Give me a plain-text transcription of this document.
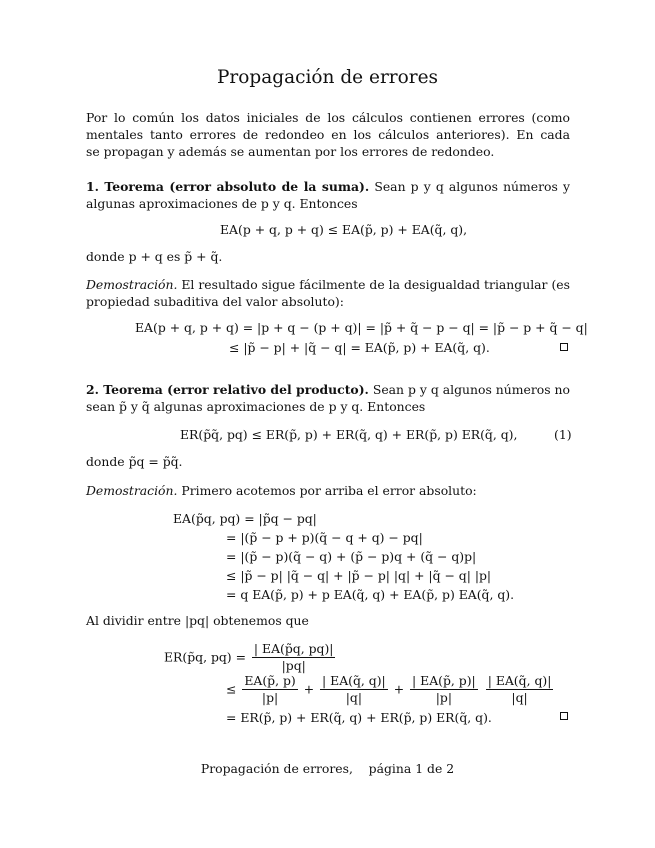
Propagación de errores
Por lo común los datos iniciales de los cálculos contienen errores (como
mentales tanto errores de redondeo en los cálculos anteriores). En cada
se propagan y además se aumentan por los errores de redondeo.
1. Teorema (error absoluto de la suma). Sean p y q algunos números y
algunas aproximaciones de p y q. Entonces
EA(p + q, p + q) ≤ EA(p̃, p) + EA(q̃, q),
donde p + q es p̃ + q̃.
Demostración. El resultado sigue fácilmente de la desigualdad triangular (es
propiedad subaditiva del valor absoluto):
EA(p + q, p + q) = |p + q − (p + q)| = |p̃ + q̃ − p − q| = |p̃ − p + q̃ − q|
≤ |p̃ − p| + |q̃ − q| = EA(p̃, p) + EA(q̃, q).
2. Teorema (error relativo del producto). Sean p y q algunos números no
sean p̃ y q̃ algunas aproximaciones de p y q. Entonces
ER(p̃q̃, pq) ≤ ER(p̃, p) + ER(q̃, q) + ER(p̃, p) ER(q̃, q),	(1)
donde p̃q = p̃q̃.
Demostración. Primero acotemos por arriba el error absoluto:
EA(p̃q, pq) = |p̃q − pq|
= |(p̃ − p + p)(q̃ − q + q) − pq|
= |(p̃ − p)(q̃ − q) + (p̃ − p)q + (q̃ − q)p|
≤ |p̃ − p| |q̃ − q| + |p̃ − p| |q| + |q̃ − q| |p|
= q EA(p̃, p) + p EA(q̃, q) + EA(p̃, p) EA(q̃, q).
Al dividir entre |pq| obtenemos que
ER(p̃q, $pq) = \frac{| EA(p̃q, pq)|}{|pq|}$
≤ $\frac{EA(p̃, p)}{|p|} + \frac{| EA(q̃, q)|}{|q|} + \frac{| EA(p̃, p)|}{|p|}$
$\frac{| EA(q̃, q)|}{|q|}$
= ER(p̃, p) + ER(q̃, q) + ER(p̃, p) ER(q̃, q).
Propagación de errores,    página 1 de 2
